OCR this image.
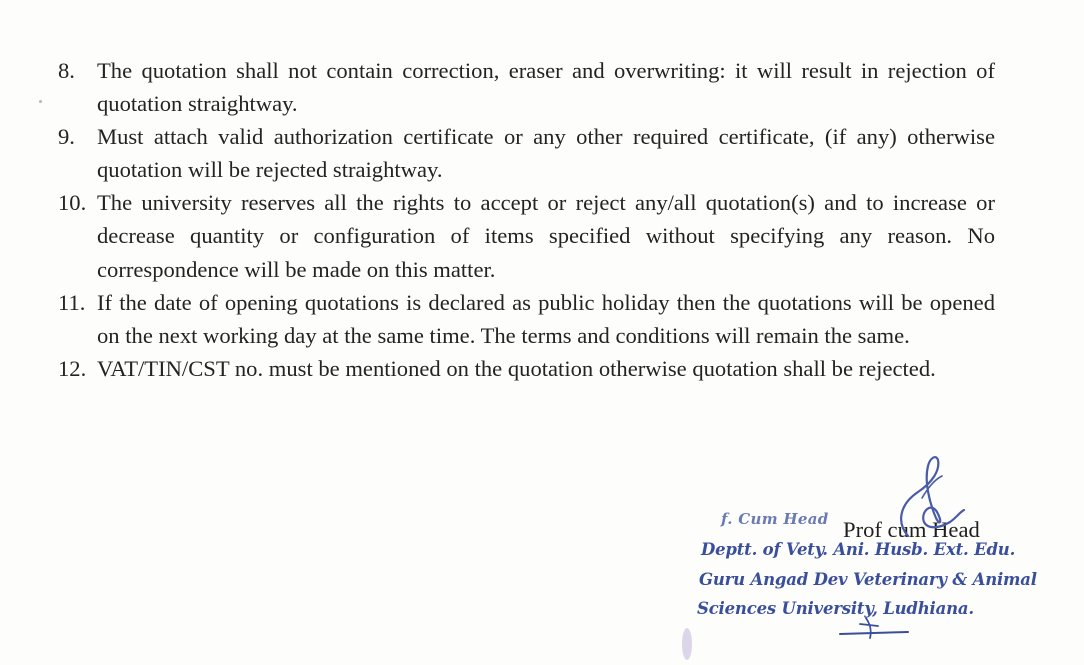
8. The quotation shall not contain correction, eraser and overwriting: it will result in rejection of quotation straightway.
9. Must attach valid authorization certificate or any other required certificate, (if any) otherwise quotation will be rejected straightway.
10. The university reserves all the rights to accept or reject any/all quotation(s) and to increase or decrease quantity or configuration of items specified without specifying any reason. No correspondence will be made on this matter.
11. If the date of opening quotations is declared as public holiday then the quotations will be opened on the next working day at the same time. The terms and conditions will remain the same.
12. VAT/TIN/CST no. must be mentioned on the quotation otherwise quotation shall be rejected.
f. Cum Head
Deptt. of Vety. Ani. Husb. Ext. Edu.
Guru Angad Dev Veterinary & Animal
Sciences University, Ludhiana.
Prof cum Head
